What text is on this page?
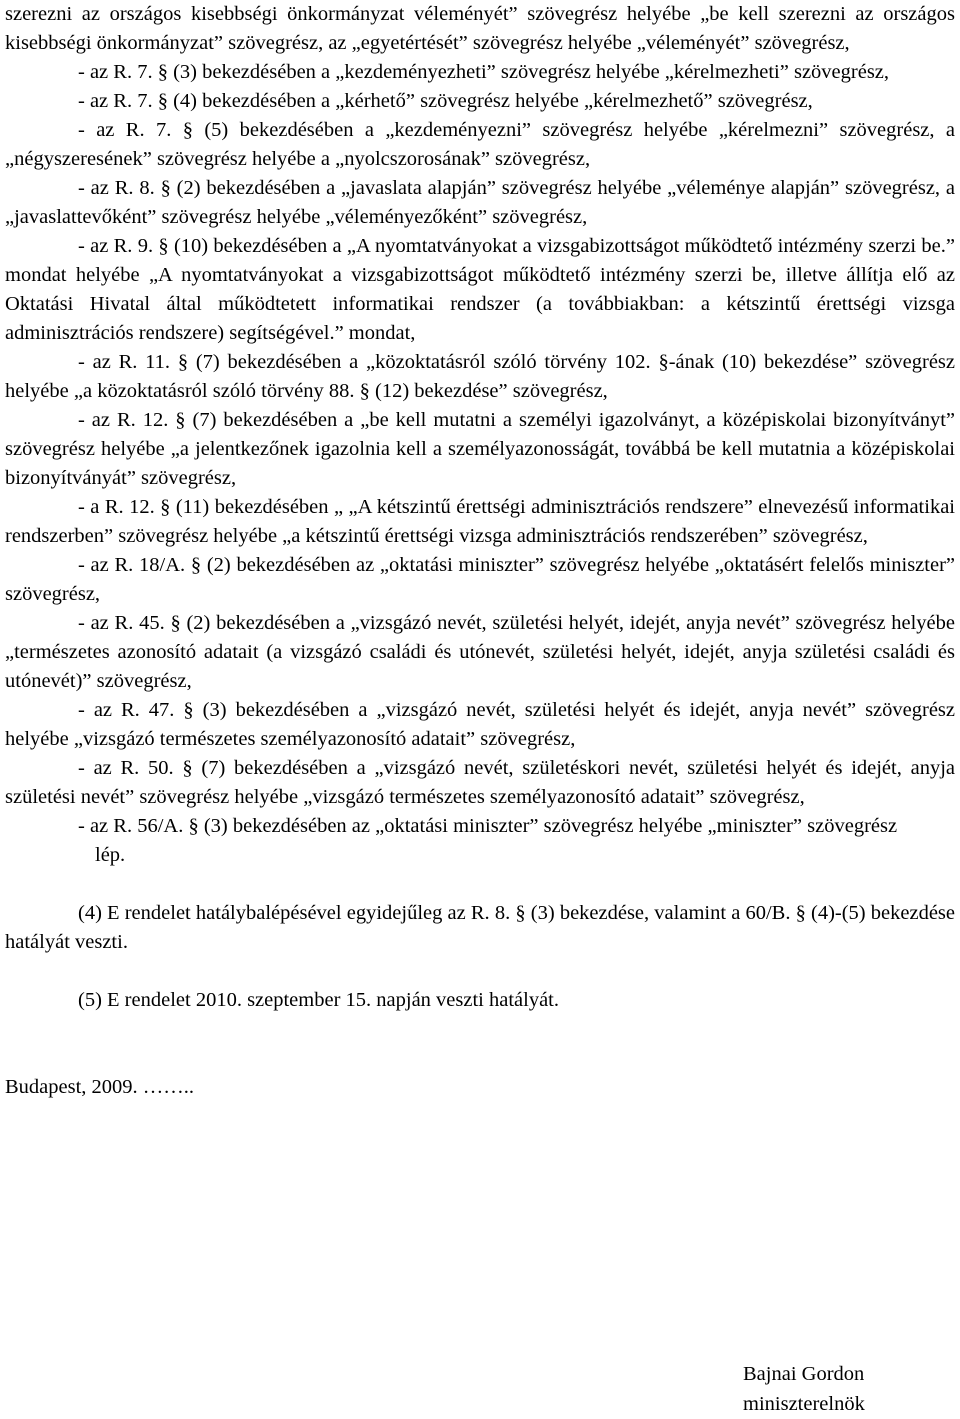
szerezni az országos kisebbségi önkormányzat véleményét” szövegrész helyébe „be kell szerezni az országos kisebbségi önkormányzat” szövegrész, az „egyetértését” szövegrész helyébe „véleményét” szövegrész,

- az R. 7. § (3) bekezdésében a „kezdeményezheti” szövegrész helyébe „kérelmezheti” szövegrész,

- az R. 7. § (4) bekezdésében a „kérhető” szövegrész helyébe „kérelmezhető” szövegrész,

- az R. 7. § (5) bekezdésében a „kezdeményezni” szövegrész helyébe „kérelmezni” szövegrész, a „négyszeresének” szövegrész helyébe a „nyolcszorosának” szövegrész,

- az R. 8. § (2) bekezdésében a „javaslata alapján” szövegrész helyébe „véleménye alapján” szövegrész, a „javaslattevőként” szövegrész helyébe „véleményezőként” szövegrész,

- az R. 9. § (10) bekezdésében a „A nyomtatványokat a vizsgabizottságot működtető intézmény szerzi be.” mondat helyébe „A nyomtatványokat a vizsgabizottságot működtető intézmény szerzi be, illetve állítja elő az Oktatási Hivatal által működtetett informatikai rendszer (a továbbiakban: a kétszintű érettségi vizsga adminisztrációs rendszere) segítségével.” mondat,

- az R. 11. § (7) bekezdésében a „közoktatásról szóló törvény 102. §-ának (10) bekezdése” szövegrész helyébe „a közoktatásról szóló törvény 88. § (12) bekezdése” szövegrész,

- az R. 12. § (7) bekezdésében a „be kell mutatni a személyi igazolványt, a középiskolai bizonyítványt” szövegrész helyébe „a jelentkezőnek igazolnia kell a személyazonosságát, továbbá be kell mutatnia a középiskolai bizonyítványát” szövegrész,

- a R. 12. § (11) bekezdésében „ „A kétszintű érettségi adminisztrációs rendszere” elnevezésű informatikai rendszerben” szövegrész helyébe „a kétszintű érettségi vizsga adminisztrációs rendszerében” szövegrész,

- az R. 18/A. § (2) bekezdésében az „oktatási miniszter” szövegrész helyébe „oktatásért felelős miniszter” szövegrész,

- az R. 45. § (2) bekezdésében a „vizsgázó nevét, születési helyét, idejét, anyja nevét” szövegrész helyébe „természetes azonosító adatait (a vizsgázó családi és utónevét, születési helyét, idejét, anyja születési családi és utónevét)” szövegrész,

- az R. 47. § (3) bekezdésében a „vizsgázó nevét, születési helyét és idejét, anyja nevét” szövegrész helyébe „vizsgázó természetes személyazonosító adatait” szövegrész,

- az R. 50. § (7) bekezdésében a „vizsgázó nevét, születéskori nevét, születési helyét és idejét, anyja születési nevét” szövegrész helyébe „vizsgázó természetes személyazonosító adatait” szövegrész,

- az R. 56/A. § (3) bekezdésében az „oktatási miniszter” szövegrész helyébe „miniszter” szövegrész

lép.

(4) E rendelet hatálybalépésével egyidejűleg az R. 8. § (3) bekezdése, valamint a 60/B. § (4)-(5) bekezdése hatályát veszti.

(5) E rendelet 2010. szeptember 15. napján veszti hatályát.

Budapest, 2009. ……..

Bajnai Gordon
miniszterelnök
